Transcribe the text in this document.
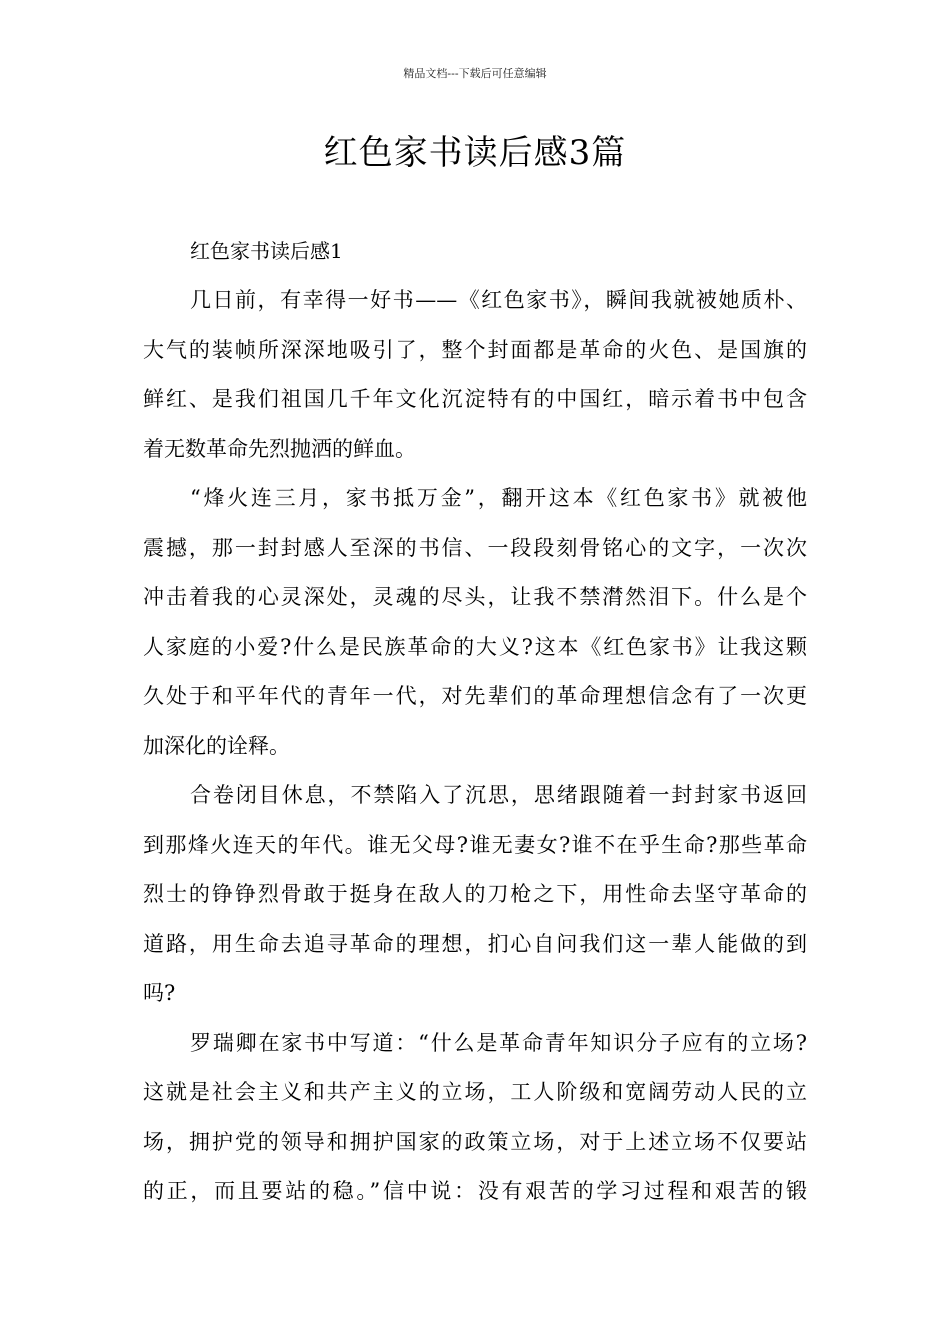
精品文档---下载后可任意编辑
红色家书读后感3篇

红色家书读后感1

几日前，有幸得一好书——《红色家书》，瞬间我就被她质朴、

大气的装帧所深深地吸引了，整个封面都是革命的火色、是国旗的

鲜红、是我们祖国几千年文化沉淀特有的中国红，暗示着书中包含

着无数革命先烈抛洒的鲜血。

“烽火连三月，家书抵万金”，翻开这本《红色家书》就被他

震撼，那一封封感人至深的书信、一段段刻骨铭心的文字，一次次

冲击着我的心灵深处，灵魂的尽头，让我不禁潸然泪下。什么是个

人家庭的小爱?什么是民族革命的大义?这本《红色家书》让我这颗

久处于和平年代的青年一代，对先辈们的革命理想信念有了一次更

加深化的诠释。

合卷闭目休息，不禁陷入了沉思，思绪跟随着一封封家书返回

到那烽火连天的年代。谁无父母?谁无妻女?谁不在乎生命?那些革命

烈士的铮铮烈骨敢于挺身在敌人的刀枪之下，用性命去坚守革命的

道路，用生命去追寻革命的理想，扪心自问我们这一辈人能做的到

吗?

罗瑞卿在家书中写道：“什么是革命青年知识分子应有的立场?

这就是社会主义和共产主义的立场，工人阶级和宽阔劳动人民的立

场，拥护党的领导和拥护国家的政策立场，对于上述立场不仅要站

的正，而且要站的稳。”信中说：没有艰苦的学习过程和艰苦的锻
